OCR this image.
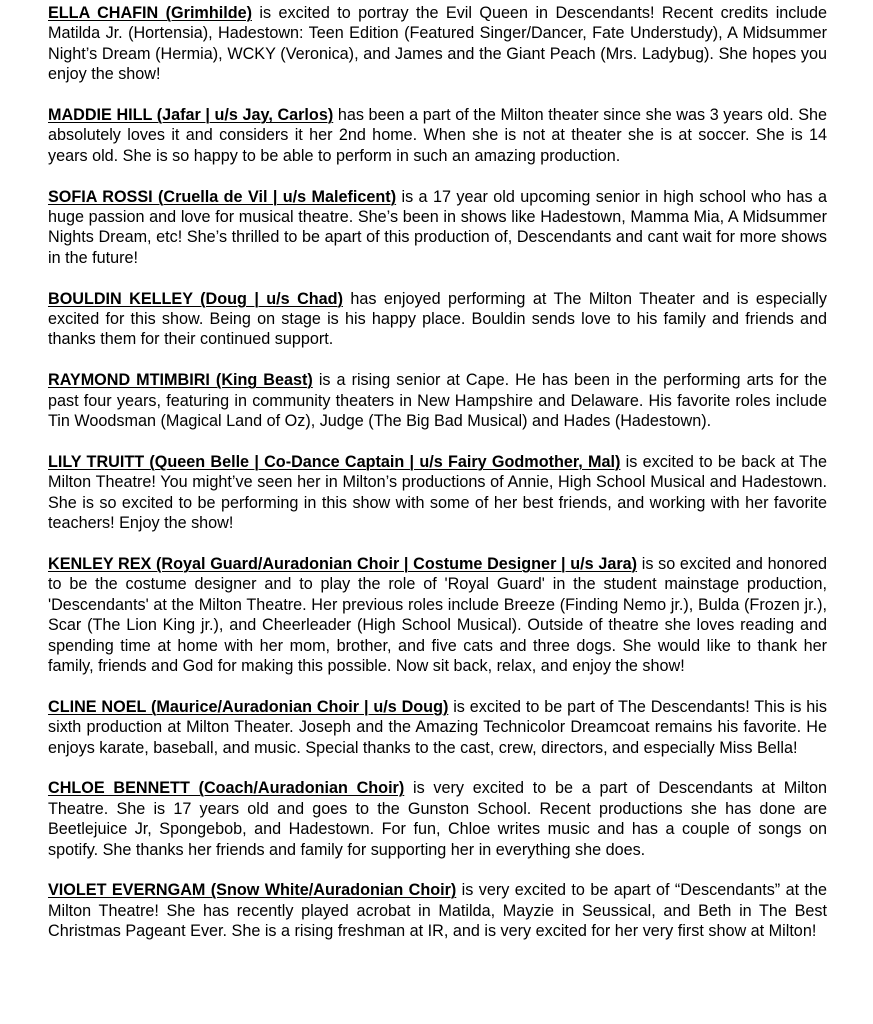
ELLA CHAFIN (Grimhilde) is excited to portray the Evil Queen in Descendants! Recent credits include Matilda Jr. (Hortensia), Hadestown: Teen Edition (Featured Singer/Dancer, Fate Understudy), A Midsummer Night’s Dream (Hermia), WCKY (Veronica), and James and the Giant Peach (Mrs. Ladybug). She hopes you enjoy the show!

MADDIE HILL (Jafar | u/s Jay, Carlos) has been a part of the Milton theater since she was 3 years old. She absolutely loves it and considers it her 2nd home. When she is not at theater she is at soccer. She is 14 years old. She is so happy to be able to perform in such an amazing production.

SOFIA ROSSI (Cruella de Vil | u/s Maleficent) is a 17 year old upcoming senior in high school who has a huge passion and love for musical theatre. She’s been in shows like Hadestown, Mamma Mia, A Midsummer Nights Dream, etc! She’s thrilled to be apart of this production of, Descendants and cant wait for more shows in the future!

BOULDIN KELLEY (Doug | u/s Chad) has enjoyed performing at The Milton Theater and is especially excited for this show. Being on stage is his happy place. Bouldin sends love to his family and friends and thanks them for their continued support.

RAYMOND MTIMBIRI (King Beast) is a rising senior at Cape. He has been in the performing arts for the past four years, featuring in community theaters in New Hampshire and Delaware. His favorite roles include Tin Woodsman (Magical Land of Oz), Judge (The Big Bad Musical) and Hades (Hadestown).

LILY TRUITT (Queen Belle | Co-Dance Captain | u/s Fairy Godmother, Mal) is excited to be back at The Milton Theatre! You might’ve seen her in Milton’s productions of Annie, High School Musical and Hadestown. She is so excited to be performing in this show with some of her best friends, and working with her favorite teachers! Enjoy the show!

KENLEY REX (Royal Guard/Auradonian Choir | Costume Designer | u/s Jara) is so excited and honored to be the costume designer and to play the role of 'Royal Guard' in the student mainstage production, 'Descendants' at the Milton Theatre. Her previous roles include Breeze (Finding Nemo jr.), Bulda (Frozen jr.), Scar (The Lion King jr.), and Cheerleader (High School Musical). Outside of theatre she loves reading and spending time at home with her mom, brother, and five cats and three dogs. She would like to thank her family, friends and God for making this possible. Now sit back, relax, and enjoy the show!

CLINE NOEL (Maurice/Auradonian Choir | u/s Doug) is excited to be part of The Descendants! This is his sixth production at Milton Theater. Joseph and the Amazing Technicolor Dreamcoat remains his favorite. He enjoys karate, baseball, and music. Special thanks to the cast, crew, directors, and especially Miss Bella!

CHLOE BENNETT (Coach/Auradonian Choir) is very excited to be a part of Descendants at Milton Theatre. She is 17 years old and goes to the Gunston School. Recent productions she has done are Beetlejuice Jr, Spongebob, and Hadestown. For fun, Chloe writes music and has a couple of songs on spotify. She thanks her friends and family for supporting her in everything she does.

VIOLET EVERNGAM (Snow White/Auradonian Choir) is very excited to be apart of “Descendants” at the Milton Theatre! She has recently played acrobat in Matilda, Mayzie in Seussical, and Beth in The Best Christmas Pageant Ever. She is a rising freshman at IR, and is very excited for her very first show at Milton!
